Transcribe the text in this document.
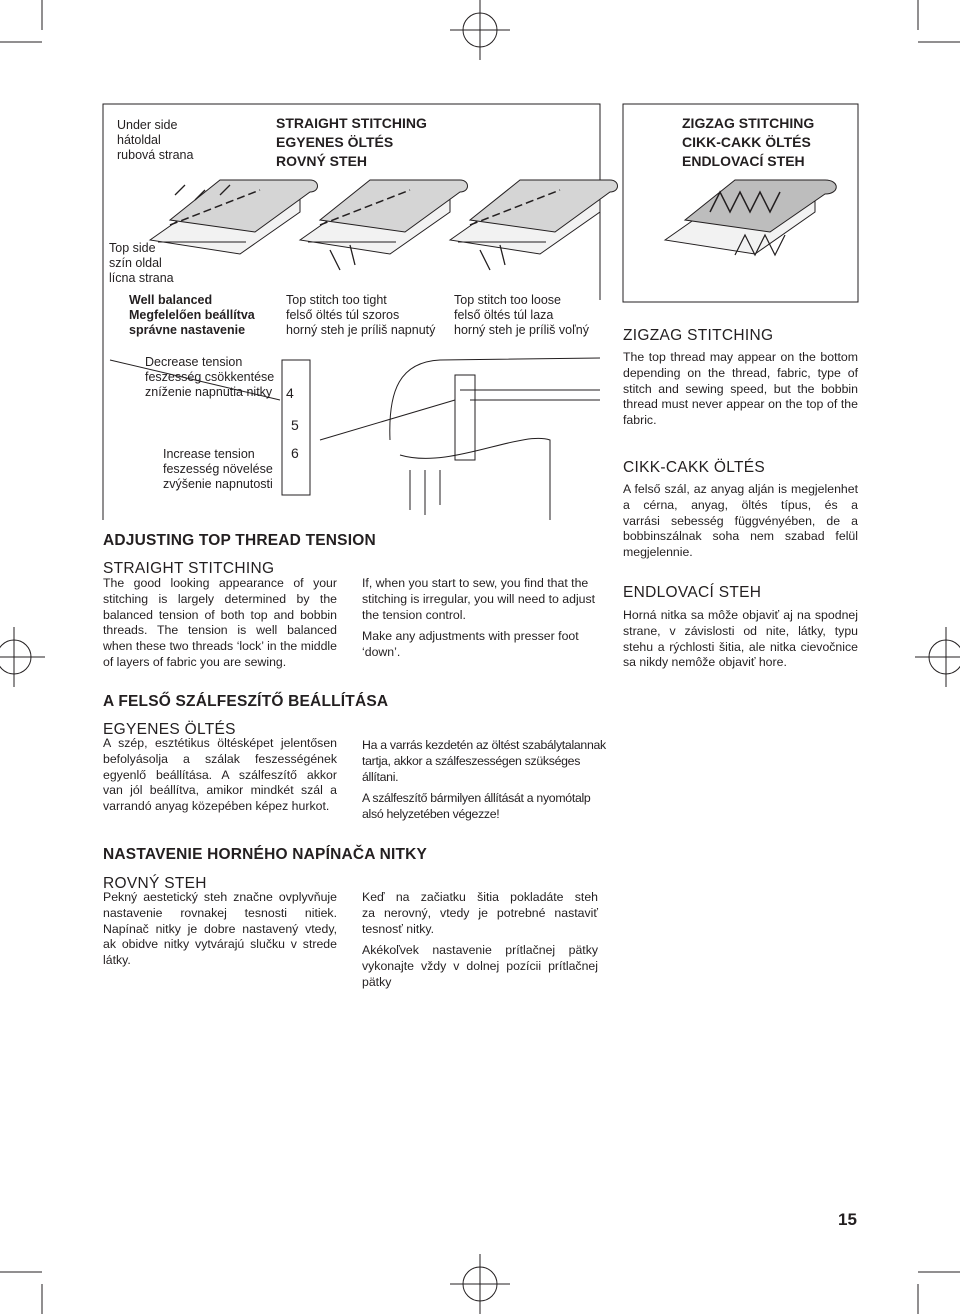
4
5
6
Under side
hátoldal
rubová strana
STRAIGHT STITCHING
EGYENES ÖLTÉS
ROVNÝ STEH
ZIGZAG STITCHING
CIKK-CAKK ÖLTÉS
ENDLOVACÍ STEH
Top side
szín oldal
lícna strana
Well balanced
Megfelelően beállítva
správne nastavenie
Top stitch too tight
felső öltés túl szoros
horný steh je príliš napnutý
Top stitch too loose
felső öltés túl laza
horný steh je príliš voľný
Decrease tension
feszesség csökkentése
zníženie napnutia nitky
Increase tension
feszesség növelése
zvýšenie napnutosti
ADJUSTING TOP THREAD TENSION
STRAIGHT STITCHING
The good looking appearance of your
stitching is largely determined by the
balanced tension of both top and bobbin
threads. The tension is well balanced
when these two threads ‘lock’ in the middle
of layers of fabric you are sewing.
If, when you start to sew, you find that the
stitching is irregular, you will need to adjust
the tension control.
Make any adjustments with presser foot
‘down’.
A FELSŐ SZÁLFESZÍTŐ BEÁLLÍTÁSA
EGYENES ÖLTÉS
A szép, esztétikus öltésképet jelentősen
befolyásolja a szálak feszességének
egyenlő beállítása. A szálfeszítő akkor
van jól beállítva, amikor mindkét szál a
varrandó anyag közepében képez hurkot.
Ha a varrás kezdetén az öltést szabálytalannak
tartja, akkor a szálfeszességen szükséges
állítani.
A szálfeszítő bármilyen állítását a nyomótalp
alsó helyzetében végezze!
NASTAVENIE HORNÉHO NAPÍNAČA NITKY
ROVNÝ STEH
Pekný aestetický steh značne ovplyvňuje
nastavenie rovnakej tesnosti nitiek.
Napínač nitky je dobre nastavený vtedy,
ak obidve nitky vytvárajú slučku v strede
látky.
Keď na začiatku šitia pokladáte steh
za nerovný, vtedy je potrebné nastaviť
tesnosť nitky.
Akékoľvek nastavenie prítlačnej pätky
vykonajte vždy v dolnej pozícii prítlačnej
pätky
ZIGZAG STITCHING
The top thread may appear on the bottom
depending on the thread, fabric, type of
stitch and sewing speed, but the bobbin
thread must never appear on the top of the
fabric.
CIKK-CAKK ÖLTÉS
A felső szál, az anyag alján is megjelenhet
a cérna, anyag, öltés típus, és a
varrási sebesség függvényében, de a
bobbinszálnak soha nem szabad felül
megjelennie.
ENDLOVACÍ STEH
Horná nitka sa môže objaviť aj na spodnej
strane, v závislosti od nite, látky, typu
stehu a rýchlosti šitia, ale nitka cievočnice
sa nikdy nemôže objaviť hore.
15
